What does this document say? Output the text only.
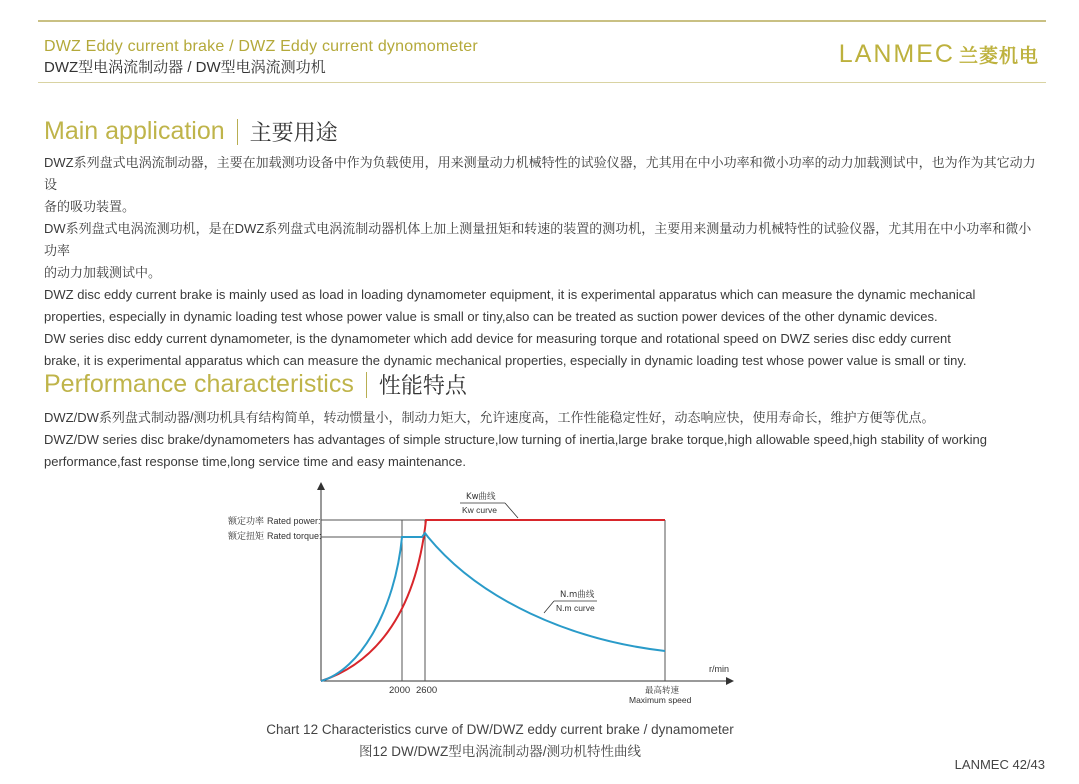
DWZ Eddy current brake / DWZ Eddy current dynomometer
DWZ型电涡流制动器 / DW型电涡流测功机	LANMEC 兰菱机电
Main application 主要用途
DWZ系列盘式电涡流制动器，主要在加载测功设备中作为负载使用，用来测量动力机械特性的试验仪器，尤其用在中小功率和微小功率的动力加载测试中，也为作为其它动力设
备的吸功装置。
DW系列盘式电涡流测功机，是在DWZ系列盘式电涡流制动器机体上加上测量扭矩和转速的装置的测功机，主要用来测量动力机械特性的试验仪器，尤其用在中小功率和微小功率
的动力加载测试中。
DWZ disc eddy current brake is mainly used as load in loading dynamometer equipment, it is experimental apparatus which can measure the dynamic mechanical
properties, especially in dynamic loading test whose power value is small or tiny,also can be treated as suction power devices of the other dynamic devices.
DW series disc eddy current dynamometer, is the dynamometer which add device for measuring torque and rotational speed on DWZ series disc eddy current
brake, it is experimental apparatus which can measure the dynamic mechanical properties, especially in dynamic loading test whose power value is small or tiny.
Performance characteristics 性能特点
DWZ/DW系列盘式制动器/测功机具有结构简单，转动惯量小，制动力矩大，允许速度高，工作性能稳定性好，动态响应快，使用寿命长，维护方便等优点。
DWZ/DW series disc brake/dynamometers has advantages of simple structure,low turning of inertia,large brake torque,high allowable speed,high stability of working
performance,fast response time,long service time and easy maintenance.
额定功率 Rated power:
额定扭矩 Rated torque:
2000 2600
r/min
最高转速
Maximum speed
Kw曲线
Kw curve
N.m曲线
N.m curve
Chart 12 Characteristics curve of DW/DWZ eddy current brake / dynamometer
图12 DW/DWZ型电涡流制动器/测功机特性曲线
LANMEC 42/43
